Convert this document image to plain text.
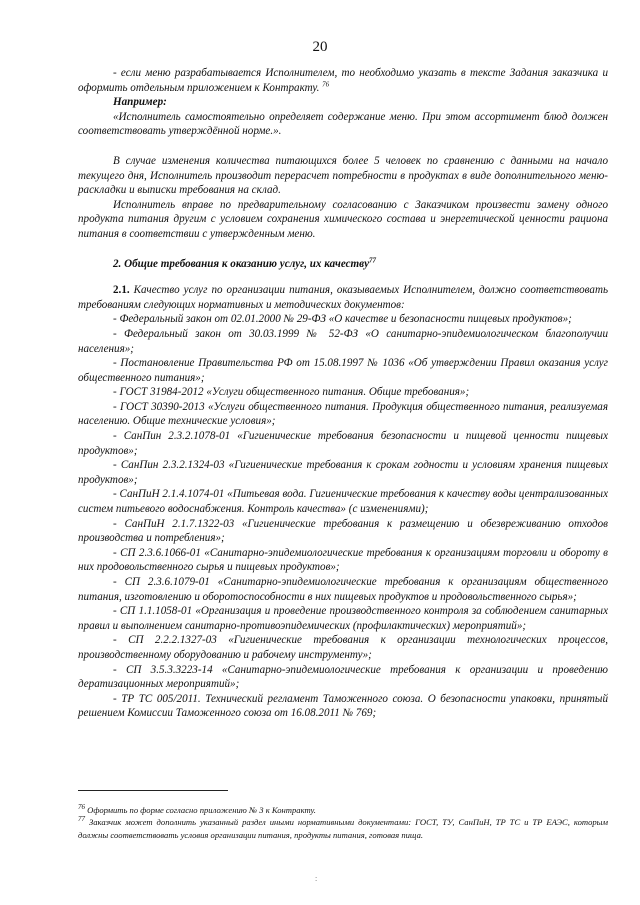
20

- если меню разрабатывается Исполнителем, то необходимо указать в тексте Задания заказчика и оформить отдельным приложением к Контракту. $^{76}$

Например:

«Исполнитель самостоятельно определяет содержание меню. При этом ассортимент блюд должен соответствовать утверждённой норме.».

В случае изменения количества питающихся более 5 человек по сравнению с данными на начало текущего дня, Исполнитель производит перерасчет потребности в продуктах в виде дополнительного меню-раскладки и выписки требования на склад.

Исполнитель вправе по предварительному согласованию с Заказчиком произвести замену одного продукта питания другим с условием сохранения химического состава и энергетической ценности рациона питания в соответствии с утвержденным меню.

2. Общие требования к оказанию услуг, их качеству$^{77}$

2.1. Качество услуг по организации питания, оказываемых Исполнителем, должно соответствовать требованиям следующих нормативных и методических документов:

- Федеральный закон от 02.01.2000 № 29-ФЗ «О качестве и безопасности пищевых продуктов»;

- Федеральный закон от 30.03.1999 № 52-ФЗ «О санитарно-эпидемиологическом благополучии населения»;

- Постановление Правительства РФ от 15.08.1997 № 1036 «Об утверждении Правил оказания услуг общественного питания»;

- ГОСТ 31984-2012 «Услуги общественного питания. Общие требования»;

- ГОСТ 30390-2013 «Услуги общественного питания. Продукция общественного питания, реализуемая населению. Общие технические условия»;

- СанПин 2.3.2.1078-01 «Гигиенические требования безопасности и пищевой ценности пищевых продуктов»;

- СанПин 2.3.2.1324-03 «Гигиенические требования к срокам годности и условиям хранения пищевых продуктов»;

- СанПиН 2.1.4.1074-01 «Питьевая вода. Гигиенические требования к качеству воды централизованных систем питьевого водоснабжения. Контроль качества» (с изменениями);

- СанПиН 2.1.7.1322-03 «Гигиенические требования к размещению и обезвреживанию отходов производства и потребления»;

- СП 2.3.6.1066-01 «Санитарно-эпидемиологические требования к организациям торговли и обороту в них продовольственного сырья и пищевых продуктов»;

- СП 2.3.6.1079-01 «Санитарно-эпидемиологические требования к организациям общественного питания, изготовлению и оборотоспособности в них пищевых продуктов и продовольственного сырья»;

- СП 1.1.1058-01 «Организация и проведение производственного контроля за соблюдением санитарных правил и выполнением санитарно-противоэпидемических (профилактических) мероприятий»;

- СП 2.2.2.1327-03 «Гигиенические требования к организации технологических процессов, производственному оборудованию и рабочему инструменту»;

- СП 3.5.3.3223-14 «Санитарно-эпидемиологические требования к организации и проведению дератизационных мероприятий»;

- ТР ТС 005/2011. Технический регламент Таможенного союза. О безопасности упаковки, принятый решением Комиссии Таможенного союза от 16.08.2011 № 769;

$^{76}$ Оформить по форме согласно приложению № 3 к Контракту.

$^{77}$ Заказчик может дополнить указанный раздел иными нормативными документами: ГОСТ, ТУ, СанПиН, ТР ТС и ТР ЕАЭС, которым должны соответствовать условия организации питания, продукты питания, готовая пища.

:
